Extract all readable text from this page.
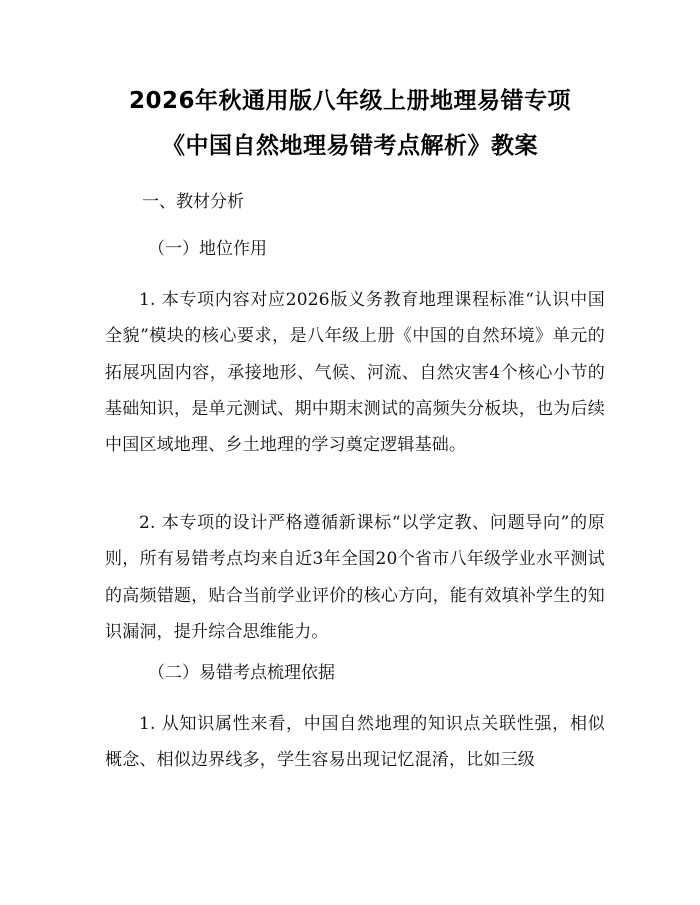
2026年秋通用版八年级上册地理易错专项
《中国自然地理易错考点解析》教案
一、教材分析
（一）地位作用
1. 本专项内容对应2026版义务教育地理课程标准“认识中国全貌”模块的核心要求，是八年级上册《中国的自然环境》单元的拓展巩固内容，承接地形、气候、河流、自然灾害4个核心小节的基础知识，是单元测试、期中期末测试的高频失分板块，也为后续中国区域地理、乡土地理的学习奠定逻辑基础。
2. 本专项的设计严格遵循新课标“以学定教、问题导向”的原则，所有易错考点均来自近3年全国20个省市八年级学业水平测试的高频错题，贴合当前学业评价的核心方向，能有效填补学生的知识漏洞，提升综合思维能力。
（二）易错考点梳理依据
1. 从知识属性来看，中国自然地理的知识点关联性强，相似概念、相似边界线多，学生容易出现记忆混淆，比如三级
